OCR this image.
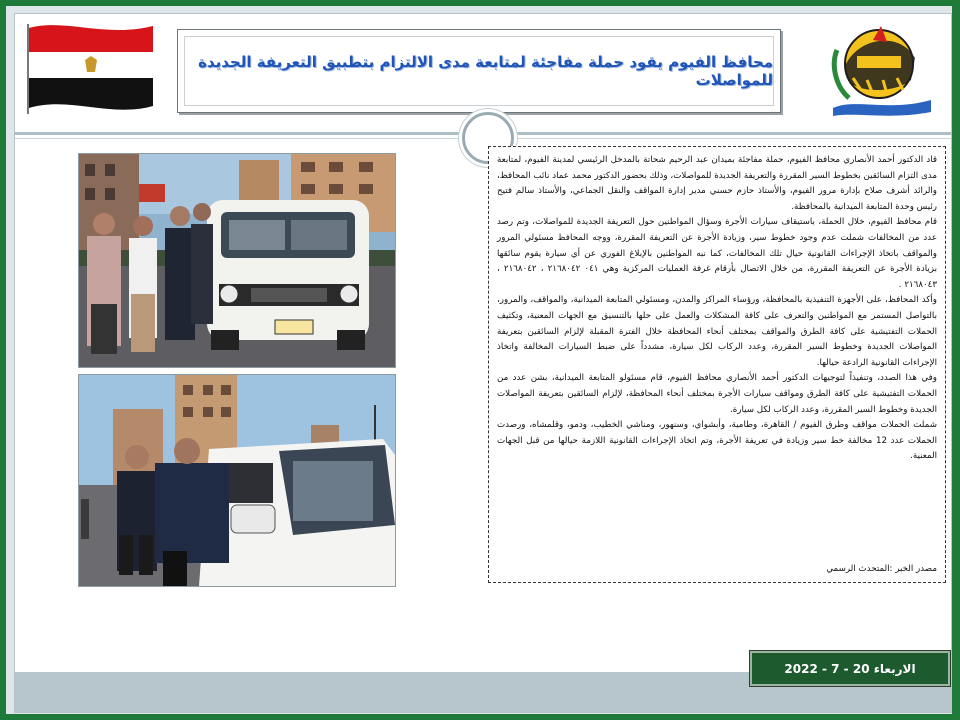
محافظ الفيوم يقود حملة مفاجئة لمتابعة مدى الالتزام بتطبيق التعريفة الجديدة للمواصلات

قاد الدكتور أحمد الأنصاري محافظ الفيوم، حملة مفاجئة بميدان عبد الرحيم شحاتة بالمدخل الرئيسي لمدينة الفيوم، لمتابعة مدى التزام السائقين بخطوط السير المقررة والتعريفة الجديدة للمواصلات، وذلك بحضور الدكتور محمد عماد نائب المحافظ، والرائد أشرف صلاح بإدارة مرور الفيوم، والأستاذ حازم حسني مدير إدارة المواقف والنقل الجماعي، والأستاذ سالم فتيح رئيس وحدة المتابعة الميدانية بالمحافظة.

قام محافظ الفيوم، خلال الحملة، باستيقاف سيارات الأجرة وسؤال المواطنين حول التعريفة الجديدة للمواصلات، وتم رصد عدد من المخالفات شملت عدم وجود خطوط سير، وزيادة الأجرة عن التعريفة المقررة، ووجه المحافظ مسئولي المرور والمواقف باتخاذ الإجراءات القانونية حيال تلك المخالفات، كما نبه المواطنين بالإبلاغ الفوري عن أي سيارة يقوم سائقها بزيادة الأجرة عن التعريفة المقررة، من خلال الاتصال بأرقام غرفة العمليات المركزية وهي ٠٤١ ٢١٦٨٠٤٢ ، ٢١٦٨٠٤٢ ، ٢١٦٨٠٤٣ .

وأكد المحافظ، على الأجهزة التنفيذية بالمحافظة، ورؤساء المراكز والمدن، ومسئولي المتابعة الميدانية، والمواقف، والمرور، بالتواصل المستمر مع المواطنين والتعرف على كافة المشكلات والعمل على حلها بالتنسيق مع الجهات المعنية، وتكثيف الحملات التفتيشية على كافة الطرق والمواقف بمختلف أنحاء المحافظة خلال الفترة المقبلة لإلزام السائقين بتعريفة المواصلات الجديدة وخطوط السير المقررة، وعدد الركاب لكل سيارة، مشدداً على ضبط السيارات المخالفة واتخاذ الإجراءات القانونية الرادعة حيالها.

وفي هذا الصدد، وتنفيذاً لتوجيهات الدكتور أحمد الأنصاري محافظ الفيوم، قام مسئولو المتابعة الميدانية، بشن عدد من الحملات التفتيشية على كافة الطرق ومواقف سيارات الأجرة بمختلف أنحاء المحافظة، لإلزام السائقين بتعريفة المواصلات الجديدة وخطوط السير المقررة، وعدد الركاب لكل سيارة.

شملت الحملات مواقف وطرق الفيوم / القاهرة، وطامية، وأبشواي، وسنهور، ومناشي الخطيب، ودمو، وقلمشاه، ورصدت الحملات عدد 12 مخالفة خط سير وزيادة في تعريفة الأجرة، وتم اتخاذ الإجراءات القانونية اللازمة حيالها من قبل الجهات المعنية.

مصدر الخبر :المتحدث الرسمي
الاربعاء 20 - 7 - 2022
